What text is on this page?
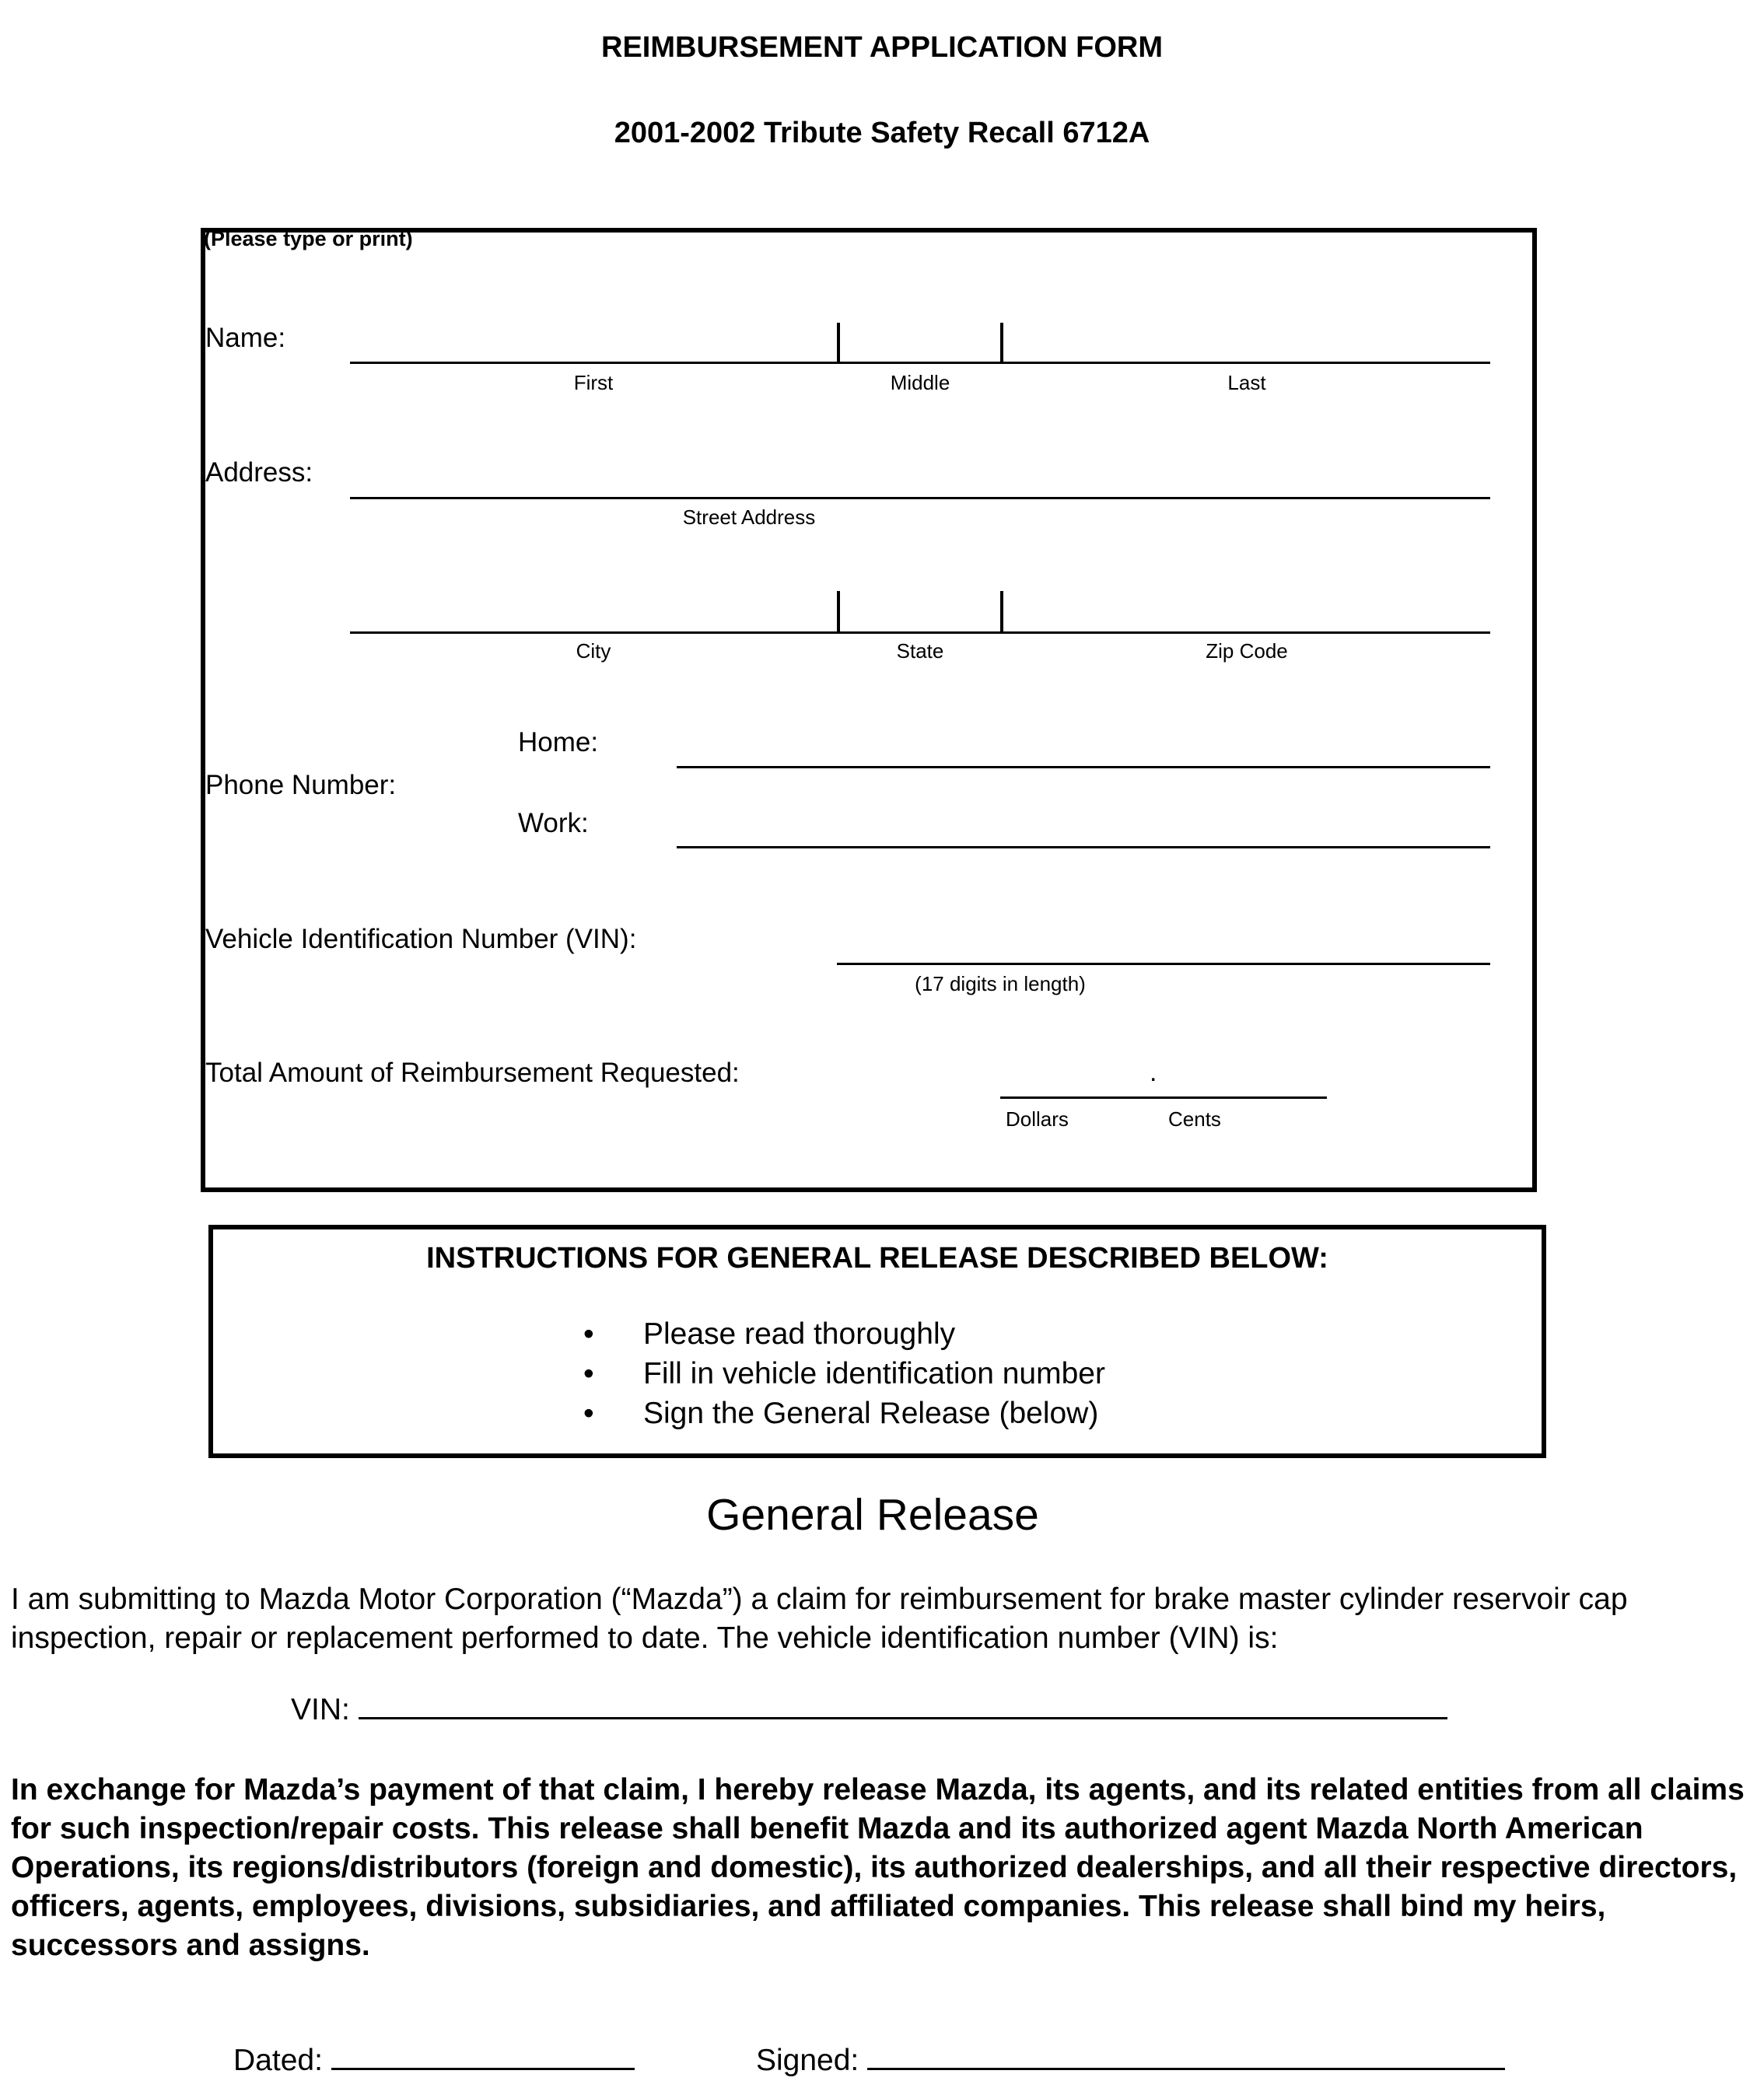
REIMBURSEMENT APPLICATION FORM
2001-2002 Tribute Safety Recall 6712A
(Please type or print)
Name:
First	Middle	Last
Address:
Street Address
City	State	Zip Code
Home:
Phone Number:
Work:
Vehicle Identification Number (VIN):
(17 digits in length)
Total Amount of Reimbursement Requested:	.
Dollars	Cents
INSTRUCTIONS FOR GENERAL RELEASE DESCRIBED BELOW:
• Please read thoroughly
• Fill in vehicle identification number
• Sign the General Release (below)
General Release

I am submitting to Mazda Motor Corporation (“Mazda”) a claim for reimbursement for brake master cylinder reservoir cap inspection, repair or replacement performed to date. The vehicle identification number (VIN) is:

VIN:

In exchange for Mazda’s payment of that claim, I hereby release Mazda, its agents, and its related entities from all claims for such inspection/repair costs. This release shall benefit Mazda and its authorized agent Mazda North American Operations, its regions/distributors (foreign and domestic), its authorized dealerships, and all their respective directors, officers, agents, employees, divisions, subsidiaries, and affiliated companies. This release shall bind my heirs, successors and assigns.

Dated:	Signed:
